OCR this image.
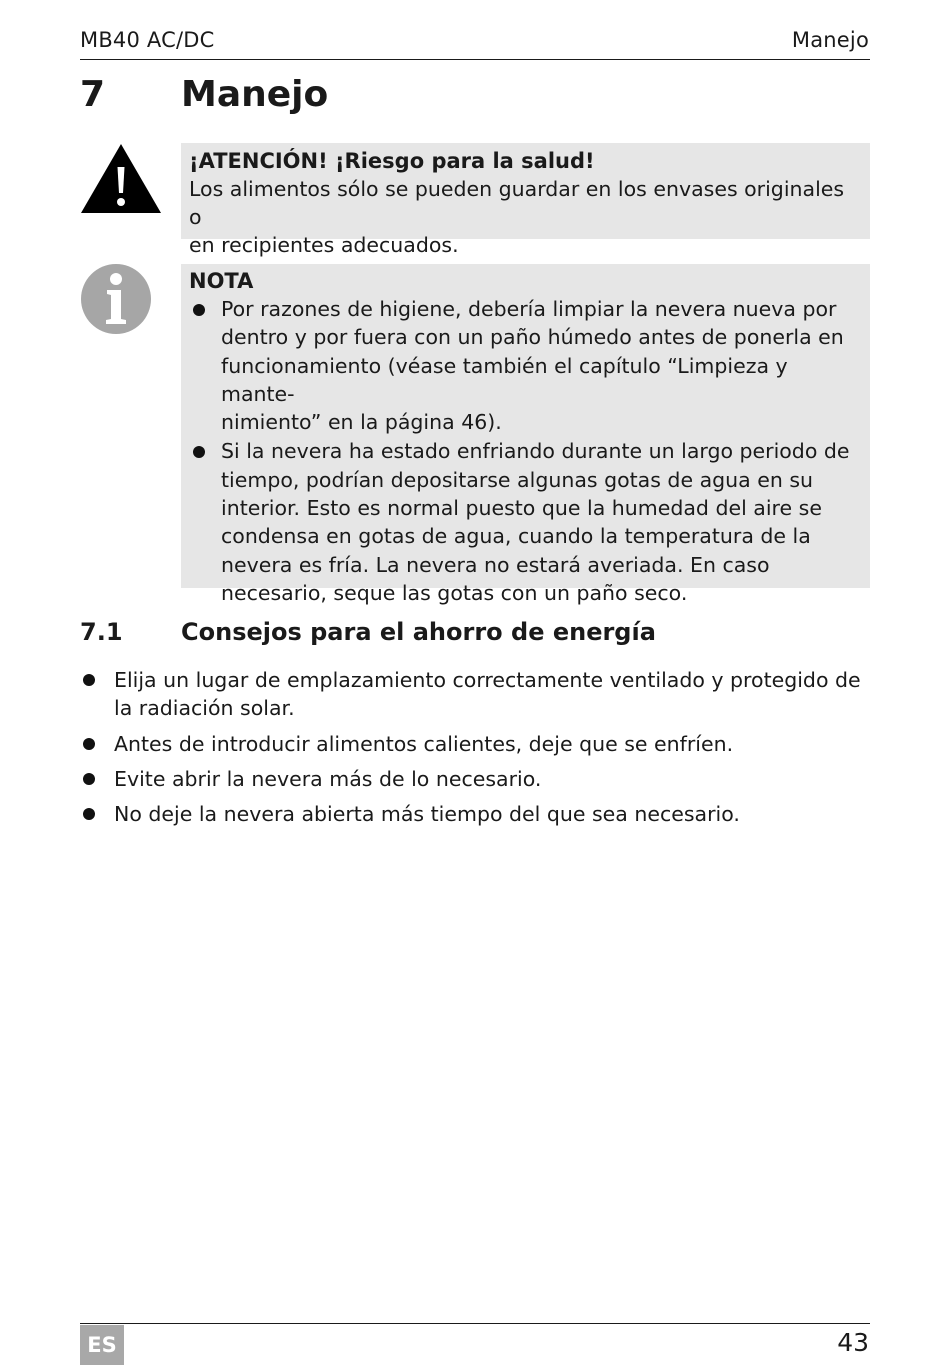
MB40 AC/DC	Manejo
7 Manejo
¡ATENCIÓN! ¡Riesgo para la salud!
Los alimentos sólo se pueden guardar en los envases originales o
en recipientes adecuados.
NOTA
Por razones de higiene, debería limpiar la nevera nueva por
dentro y por fuera con un paño húmedo antes de ponerla en
funcionamiento (véase también el capítulo “Limpieza y mante-
nimiento” en la página 46).
Si la nevera ha estado enfriando durante un largo periodo de
tiempo, podrían depositarse algunas gotas de agua en su
interior. Esto es normal puesto que la humedad del aire se
condensa en gotas de agua, cuando la temperatura de la
nevera es fría. La nevera no estará averiada. En caso
necesario, seque las gotas con un paño seco.
7.1 Consejos para el ahorro de energía
Elija un lugar de emplazamiento correctamente ventilado y protegido de
la radiación solar.
Antes de introducir alimentos calientes, deje que se enfríen.
Evite abrir la nevera más de lo necesario.
No deje la nevera abierta más tiempo del que sea necesario.
ES	43
